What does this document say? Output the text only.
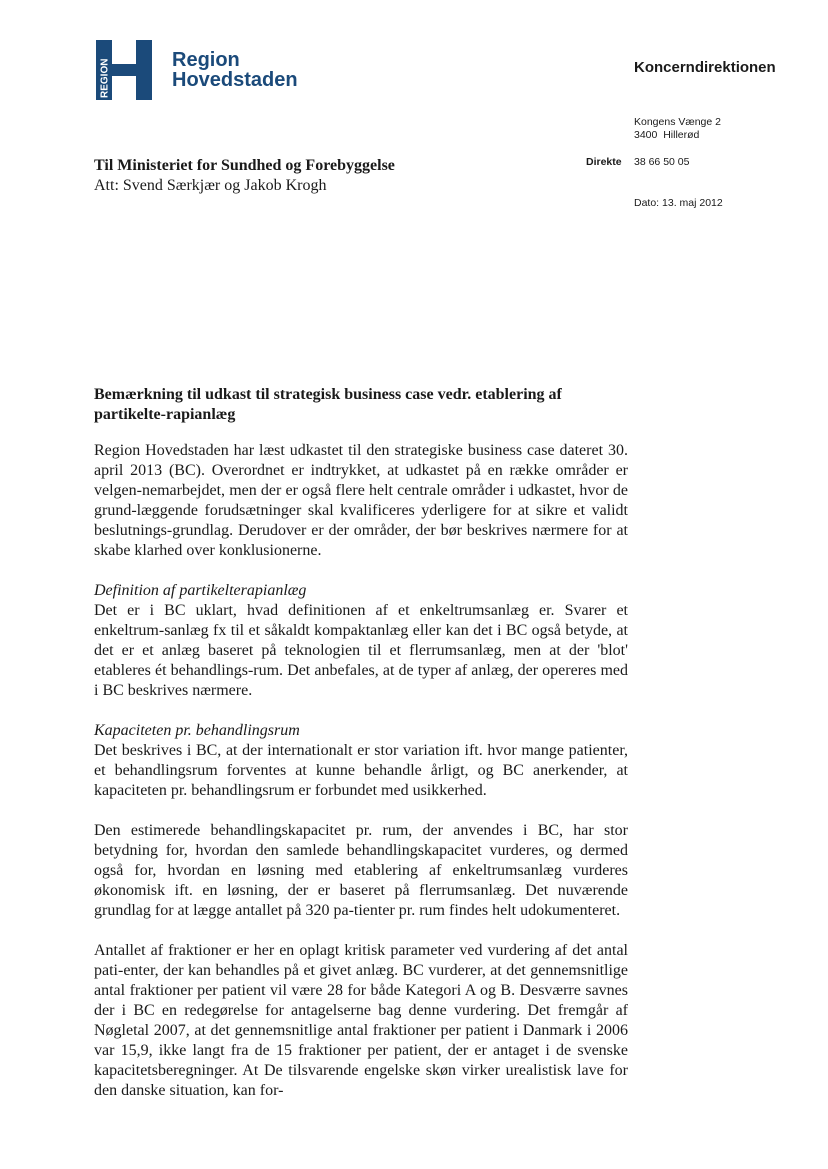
REGION	Region
Hovedstaden
Koncerndirektionen
Kongens Vænge 2
3400  Hillerød
Direkte 38 66 50 05
Dato: 13. maj 2012
Til Ministeriet for Sundhed og Forebyggelse
Att: Svend Særkjær og Jakob Krogh
Bemærkning til udkast til strategisk business case vedr. etablering af partikelte-rapianlæg

Region Hovedstaden har læst udkastet til den strategiske business case dateret 30. april 2013 (BC). Overordnet er indtrykket, at udkastet på en række områder er velgen-nemarbejdet, men der er også flere helt centrale områder i udkastet, hvor de grund-læggende forudsætninger skal kvalificeres yderligere for at sikre et validt beslutnings-grundlag. Derudover er der områder, der bør beskrives nærmere for at skabe klarhed over konklusionerne.

Definition af partikelterapianlæg
Det er i BC uklart, hvad definitionen af et enkeltrumsanlæg er. Svarer et enkeltrum-sanlæg fx til et såkaldt kompaktanlæg eller kan det i BC også betyde, at det er et anlæg baseret på teknologien til et flerrumsanlæg, men at der 'blot' etableres ét behandlings-rum. Det anbefales, at de typer af anlæg, der opereres med i BC beskrives nærmere.

Kapaciteten pr. behandlingsrum
Det beskrives i BC, at der internationalt er stor variation ift. hvor mange patienter, et behandlingsrum forventes at kunne behandle årligt, og BC anerkender, at kapaciteten pr. behandlingsrum er forbundet med usikkerhed.

Den estimerede behandlingskapacitet pr. rum, der anvendes i BC, har stor betydning for, hvordan den samlede behandlingskapacitet vurderes, og dermed også for, hvordan en løsning med etablering af enkeltrumsanlæg vurderes økonomisk ift. en løsning, der er baseret på flerrumsanlæg. Det nuværende grundlag for at lægge antallet på 320 pa-tienter pr. rum findes helt udokumenteret.

Antallet af fraktioner er her en oplagt kritisk parameter ved vurdering af det antal pati-enter, der kan behandles på et givet anlæg. BC vurderer, at det gennemsnitlige antal fraktioner per patient vil være 28 for både Kategori A og B. Desværre savnes der i BC en redegørelse for antagelserne bag denne vurdering. Det fremgår af Nøgletal 2007, at det gennemsnitlige antal fraktioner per patient i Danmark i 2006 var 15,9, ikke langt fra de 15 fraktioner per patient, der er antaget i de svenske kapacitetsberegninger. At De tilsvarende engelske skøn virker urealistisk lave for den danske situation, kan for-
